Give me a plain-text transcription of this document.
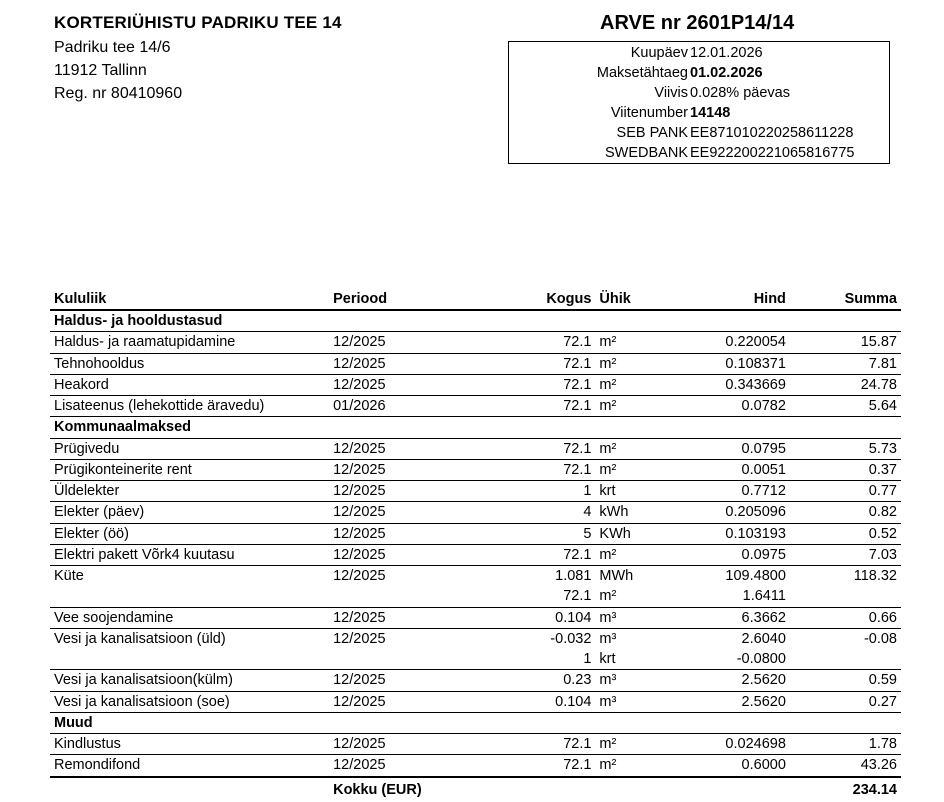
KORTERIÜHISTU PADRIKU TEE 14
Padriku tee 14/6
11912 Tallinn
Reg. nr 80410960
ARVE nr 2601P14/14
Kuupäev 12.01.2026
Maksetähtaeg 01.02.2026
Viivis 0.028% päevas
Viitenumber 14148
SEB PANK EE871010220258611228
SWEDBANK EE922200221065816775
Kululiik	Periood	Kogus	Ühik	Hind	Summa
Haldus- ja hooldustasud					
Haldus- ja raamatupidamine	12/2025	72.1	m²	0.220054	15.87
Tehnohooldus	12/2025	72.1	m²	0.108371	7.81
Heakord	12/2025	72.1	m²	0.343669	24.78
Lisateenus (lehekottide äravedu)	01/2026	72.1	m²	0.0782	5.64
Kommunaalmaksed					
Prügivedu	12/2025	72.1	m²	0.0795	5.73
Prügikonteinerite rent	12/2025	72.1	m²	0.0051	0.37
Üldelekter	12/2025	1	krt	0.7712	0.77
Elekter (päev)	12/2025	4	kWh	0.205096	0.82
Elekter (öö)	12/2025	5	KWh	0.103193	0.52
Elektri pakett Võrk4 kuutasu	12/2025	72.1	m²	0.0975	7.03
Küte	12/2025	1.081	MWh	109.4800	118.32
		72.1	m²	1.6411	
Vee soojendamine	12/2025	0.104	m³	6.3662	0.66
Vesi ja kanalisatsioon (üld)	12/2025	-0.032	m³	2.6040	-0.08
		1	krt	-0.0800	
Vesi ja kanalisatsioon(külm)	12/2025	0.23	m³	2.5620	0.59
Vesi ja kanalisatsioon (soe)	12/2025	0.104	m³	2.5620	0.27
Muud					
Kindlustus	12/2025	72.1	m²	0.024698	1.78
Remondifond	12/2025	72.1	m²	0.6000	43.26
	Kokku (EUR)				234.14
